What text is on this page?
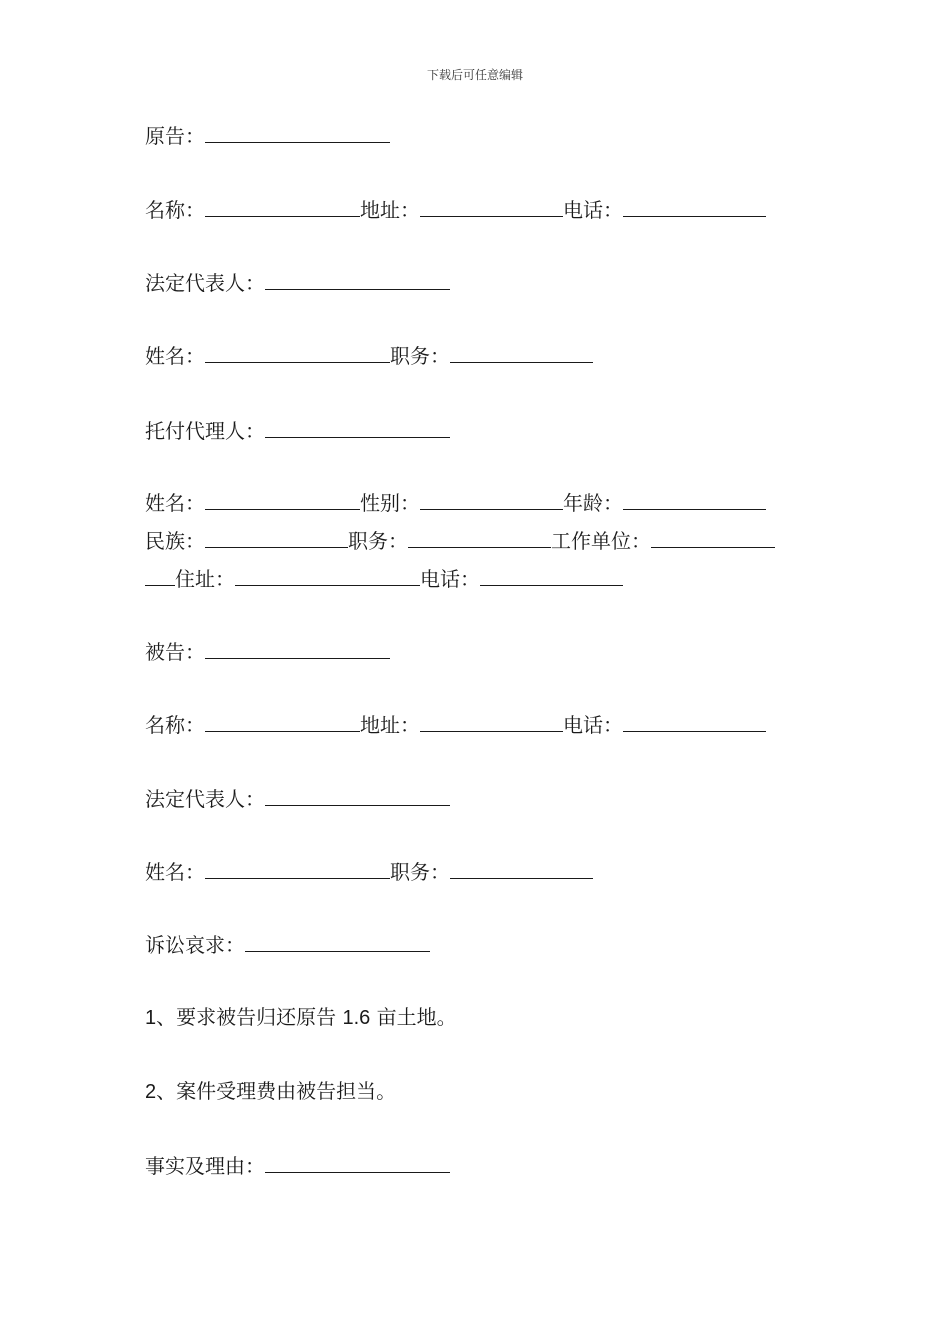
下载后可任意编辑
原告：
名称：	地址：	电话：
法定代表人：
姓名：	职务：
托付代理人：
姓名：	性别：	年龄：
民族：	职务：	工作单位：
住址：	电话：
被告：
名称：	地址：	电话：
法定代表人：
姓名：	职务：
诉讼哀求：
1、要求被告归还原告 1.6 亩土地。
2、案件受理费由被告担当。
事实及理由：
